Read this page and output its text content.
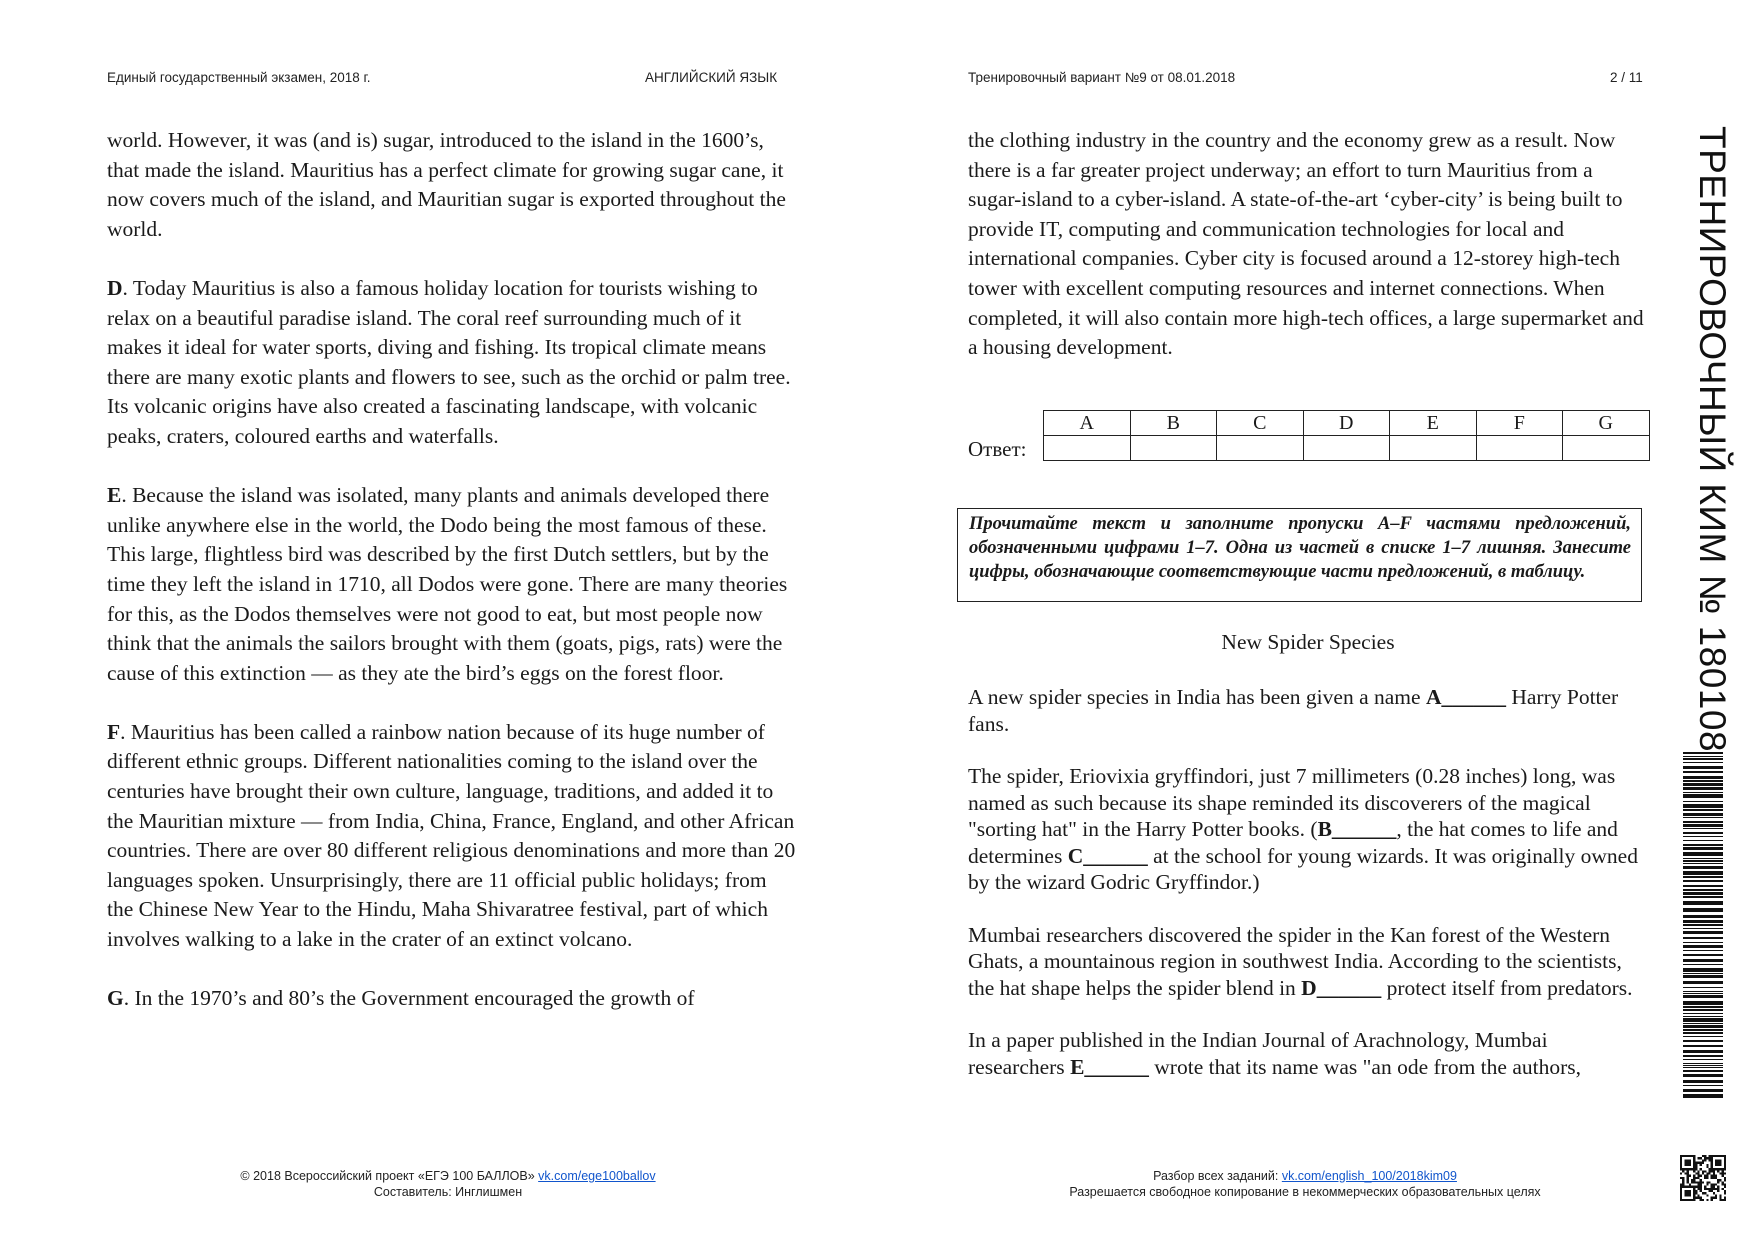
Единый государственный экзамен, 2018 г.	АНГЛИЙСКИЙ ЯЗЫК	Тренировочный вариант №9 от 08.01.2018	2 / 11

world. However, it was (and is) sugar, introduced to the island in the 1600’s, that made the island. Mauritius has a perfect climate for growing sugar cane, it now covers much of the island, and Mauritian sugar is exported throughout the world.

D. Today Mauritius is also a famous holiday location for tourists wishing to relax on a beautiful paradise island. The coral reef surrounding much of it makes it ideal for water sports, diving and fishing. Its tropical climate means there are many exotic plants and flowers to see, such as the orchid or palm tree. Its volcanic origins have also created a fascinating landscape, with volcanic peaks, craters, coloured earths and waterfalls.

E. Because the island was isolated, many plants and animals developed there unlike anywhere else in the world, the Dodo being the most famous of these. This large, flightless bird was described by the first Dutch settlers, but by the time they left the island in 1710, all Dodos were gone. There are many theories for this, as the Dodos themselves were not good to eat, but most people now think that the animals the sailors brought with them (goats, pigs, rats) were the cause of this extinction — as they ate the bird’s eggs on the forest floor.

F. Mauritius has been called a rainbow nation because of its huge number of different ethnic groups. Different nationalities coming to the island over the centuries have brought their own culture, language, traditions, and added it to the Mauritian mixture — from India, China, France, England, and other African countries. There are over 80 different religious denominations and more than 20 languages spoken. Unsurprisingly, there are 11 official public holidays; from the Chinese New Year to the Hindu, Maha Shivaratree festival, part of which involves walking to a lake in the crater of an extinct volcano.

G. In the 1970’s and 80’s the Government encouraged the growth of

the clothing industry in the country and the economy grew as a result. Now there is a far greater project underway; an effort to turn Mauritius from a sugar-island to a cyber-island. A state-of-the-art ‘cyber-city’ is being built to provide IT, computing and communication technologies for local and international companies. Cyber city is focused around a 12-storey high-tech tower with excellent computing resources and internet connections. When completed, it will also contain more high-tech offices, a large supermarket and a housing development.

Ответ:
A	B	C	D	E	F	G

Прочитайте текст и заполните пропуски A–F частями предложений, обозначенными цифрами 1–7. Одна из частей в списке 1–7 лишняя. Занесите цифры, обозначающие соответствующие части предложений, в таблицу.
New Spider Species

A new spider species in India has been given a name A______ Harry Potter fans.

The spider, Eriovixia gryffindori, just 7 millimeters (0.28 inches) long, was named as such because its shape reminded its discoverers of the magical "sorting hat" in the Harry Potter books. (B______, the hat comes to life and determines C______ at the school for young wizards. It was originally owned by the wizard Godric Gryffindor.)

Mumbai researchers discovered the spider in the Kan forest of the Western Ghats, a mountainous region in southwest India. According to the scientists, the hat shape helps the spider blend in D______ protect itself from predators.

In a paper published in the Indian Journal of Arachnology, Mumbai researchers E______ wrote that its name was "an ode from the authors,

© 2018 Всероссийский проект «ЕГЭ 100 БАЛЛОВ» vk.com/ege100ballov
Составитель: Инглишмен
Разбор всех заданий: vk.com/english_100/2018kim09
Разрешается свободное копирование в некоммерческих образовательных целях
ТРЕНИРОВОЧНЫЙ КИМ № 180108
